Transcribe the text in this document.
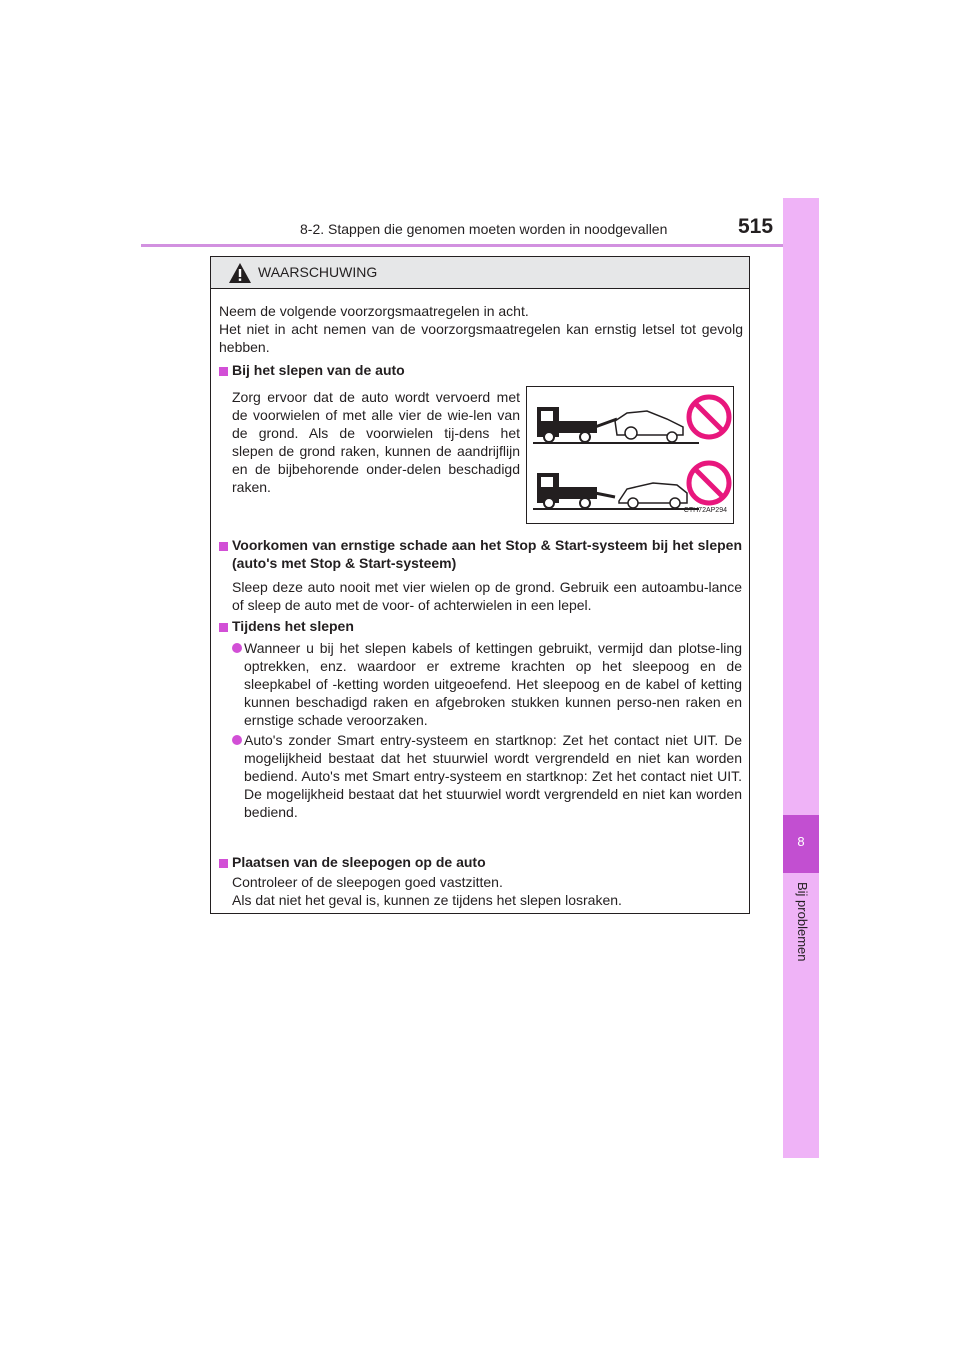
8-2. Stappen die genomen moeten worden in noodgevallen	515
8
Bij problemen
WAARSCHUWING
Neem de volgende voorzorgsmaatregelen in acht.
Het niet in acht nemen van de voorzorgsmaatregelen kan ernstig letsel tot gevolg hebben.
Bij het slepen van de auto
Zorg ervoor dat de auto wordt vervoerd met de voorwielen of met alle vier de wie-len van de grond. Als de voorwielen tij-dens het slepen de grond raken, kunnen de aandrijflijn en de bijbehorende onder-delen beschadigd raken.
CTH72AP294
Voorkomen van ernstige schade aan het Stop & Start-systeem bij het slepen (auto's met Stop & Start-systeem)
Sleep deze auto nooit met vier wielen op de grond. Gebruik een autoambu-lance of sleep de auto met de voor- of achterwielen in een lepel.
Tijdens het slepen
Wanneer u bij het slepen kabels of kettingen gebruikt, vermijd dan plotse-ling optrekken, enz. waardoor er extreme krachten op het sleepoog en de sleepkabel of -ketting worden uitgeoefend. Het sleepoog en de kabel of ketting kunnen beschadigd raken en afgebroken stukken kunnen perso-nen raken en ernstige schade veroorzaken.
Auto's zonder Smart entry-systeem en startknop: Zet het contact niet UIT. De mogelijkheid bestaat dat het stuurwiel wordt vergrendeld en niet kan worden bediend. Auto's met Smart entry-systeem en startknop: Zet het contact niet UIT. De mogelijkheid bestaat dat het stuurwiel wordt vergrendeld en niet kan worden bediend.
Plaatsen van de sleepogen op de auto
Controleer of de sleepogen goed vastzitten.
Als dat niet het geval is, kunnen ze tijdens het slepen losraken.
